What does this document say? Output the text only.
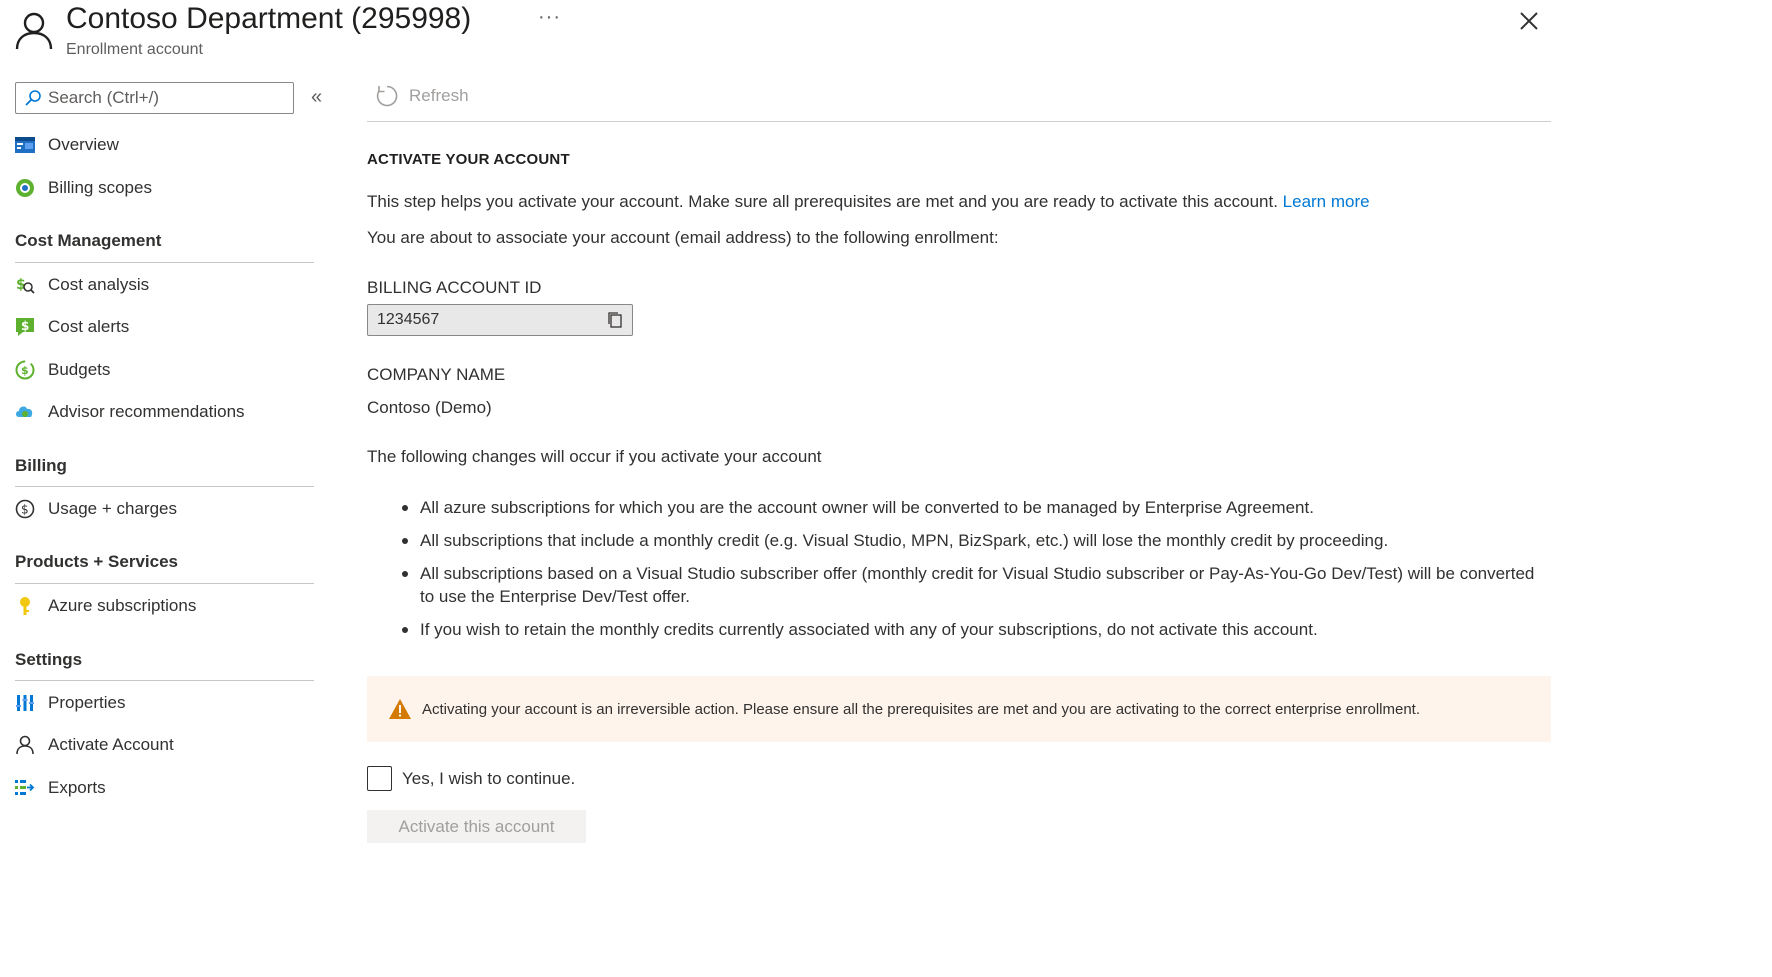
Contoso Department (295998)	···
Enrollment account
Search (Ctrl+/)
«
Overview
Billing scopes
Cost Management
$ Cost analysis
$ Cost alerts
$ Budgets
Advisor recommendations
Billing
$ Usage + charges
Products + Services
Azure subscriptions
Settings
Properties
Activate Account
Exports
Refresh
ACTIVATE YOUR ACCOUNT
This step helps you activate your account. Make sure all prerequisites are met and you are ready to activate this account. Learn more
You are about to associate your account (email address) to the following enrollment:
BILLING ACCOUNT ID
1234567
COMPANY NAME
Contoso (Demo)
The following changes will occur if you activate your account
All azure subscriptions for which you are the account owner will be converted to be managed by Enterprise Agreement.
All subscriptions that include a monthly credit (e.g. Visual Studio, MPN, BizSpark, etc.) will lose the monthly credit by proceeding.
All subscriptions based on a Visual Studio subscriber offer (monthly credit for Visual Studio subscriber or Pay-As-You-Go Dev/Test) will be converted to use the Enterprise Dev/Test offer.
If you wish to retain the monthly credits currently associated with any of your subscriptions, do not activate this account.
Activating your account is an irreversible action. Please ensure all the prerequisites are met and you are activating to the correct enterprise enrollment.
Yes, I wish to continue.
Activate this account
